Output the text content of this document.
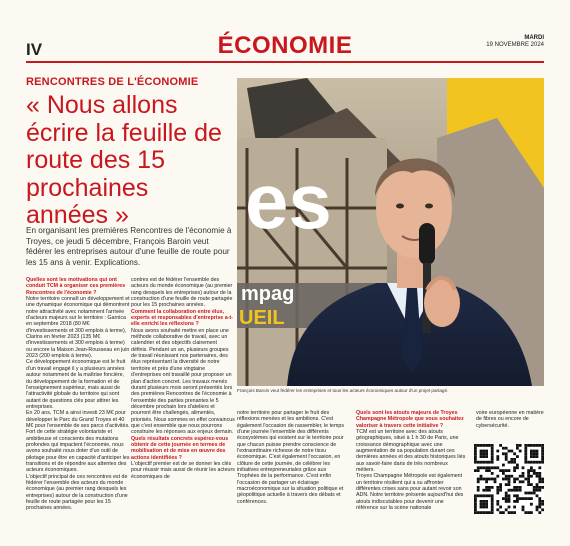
IV	ÉCONOMIE	MARDI
19 NOVEMBRE 2024
RENCONTRES DE L'ÉCONOMIE
« Nous allons écrire la feuille de route des 15 prochaines années »
En organisant les premières Rencontres de l'économie à Troyes, ce jeudi 5 décembre, François Baroin veut fédérer les entreprises autour d'une feuille de route pour les 15 ans à venir. Explications.

Quelles sont les motivations qui ont conduit TCM à organiser ces premières Rencontres de l'économie ?

Notre territoire connaît un développement et une dynamique économique qui démontrent notre attractivité avec notamment l'arrivée d'acteurs majeurs sur le territoire : Garnica en septembre 2018 (80 M€ d'investissements et 300 emplois à terme), Clarins en février 2023 (135 M€ d'investissements et 300 emplois à terme) ou encore la Maison Jean-Rousseau en juin 2023 (200 emplois à terme).

Ce développement économique est le fruit d'un travail engagé il y a plusieurs années autour notamment de la maîtrise foncière, du développement de la formation et de l'enseignement supérieur, mais aussi de l'attractivité globale du territoire qui sont autant de questions clés pour attirer les entreprises.

En 20 ans, TCM a ainsi investi 23 M€ pour développer le Parc du Grand Troyes et 40 M€ pour l'ensemble de ses parcs d'activités.

Fort de cette stratégie volontariste et ambitieuse et conscients des mutations profondes qui impactent l'économie, nous avons souhaité nous doter d'un outil de pilotage pour être en capacité d'anticiper les transitions et de répondre aux attentes des acteurs économiques.

L'objectif principal de ces rencontres est de fédérer l'ensemble des acteurs du monde économique (au premier rang desquels les entreprises) autour de la construction d'une feuille de route partagée pour les 15 prochaines années.

contres est de fédérer l'ensemble des acteurs du monde économique (au premier rang desquels les entreprises) autour de la construction d'une feuille de route partagée pour les 15 prochaines années.

Comment la collaboration entre élus, experts et responsables d'entreprise a-t-elle enrichi les réflexions ?

Nous avons souhaité mettre en place une méthode collaborative de travail, avec un calendrier et des objectifs clairement définis. Pendant un an, plusieurs groupes de travail réunissant nos partenaires, des élus représentant la diversité de notre territoire et près d'une vingtaine d'entreprises ont travaillé pour proposer un plan d'action concret. Les travaux menés durant plusieurs mois seront présentés lors des premières Rencontres de l'économie à l'ensemble des parties prenantes le 5 décembre prochain lors d'ateliers et pourront être challengés, alimentés, priorisés. Nous sommes en effet convaincus que c'est ensemble que nous pourrons construire les réponses aux enjeux demain.

Quels résultats concrets espérez-vous obtenir de cette journée en termes de mobilisation et de mise en œuvre des actions identifiées ?

L'objectif premier est de se donner les clés pour réussir mais aussi de réunir les acteurs économiques de

notre territoire pour partager le fruit des réflexions menées et les ambitions. C'est également l'occasion de rassembler, le temps d'une journée l'ensemble des différents écosystèmes qui existent sur le territoire pour que chacun puisse prendre conscience de l'extraordinaire richesse de notre tissu économique. C'est également l'occasion, en clôture de cette journée, de célébrer les initiatives entrepreneuriales grâce aux Trophées de la performance. C'est enfin l'occasion de partager un éclairage macroéconomique sur la situation politique et géopolitique actuelle à travers des débats et conférences.

Quels sont les atouts majeurs de Troyes Champagne Métropole que vous souhaitez valoriser à travers cette initiative ?

TCM est un territoire avec des atouts géographiques, situé à 1 h 30 de Paris, une croissance démographique avec une augmentation de sa population durant ces dernières années et des atouts historiques liés aux savoir-faire dans de très nombreux métiers.

Troyes Champagne Métropole est également un territoire résilient qui a su affronter différentes crises sans pour autant revoir son ADN. Notre territoire présente aujourd'hui des atouts indiscutables pour devenir une référence sur la scène nationale

voire européenne en matière de fibres ou encore de cybersécurité.

es
mpag
UEIL
François Baroin veut fédérer les entreprises et tous les acteurs économiques autour d'un projet partagé.
